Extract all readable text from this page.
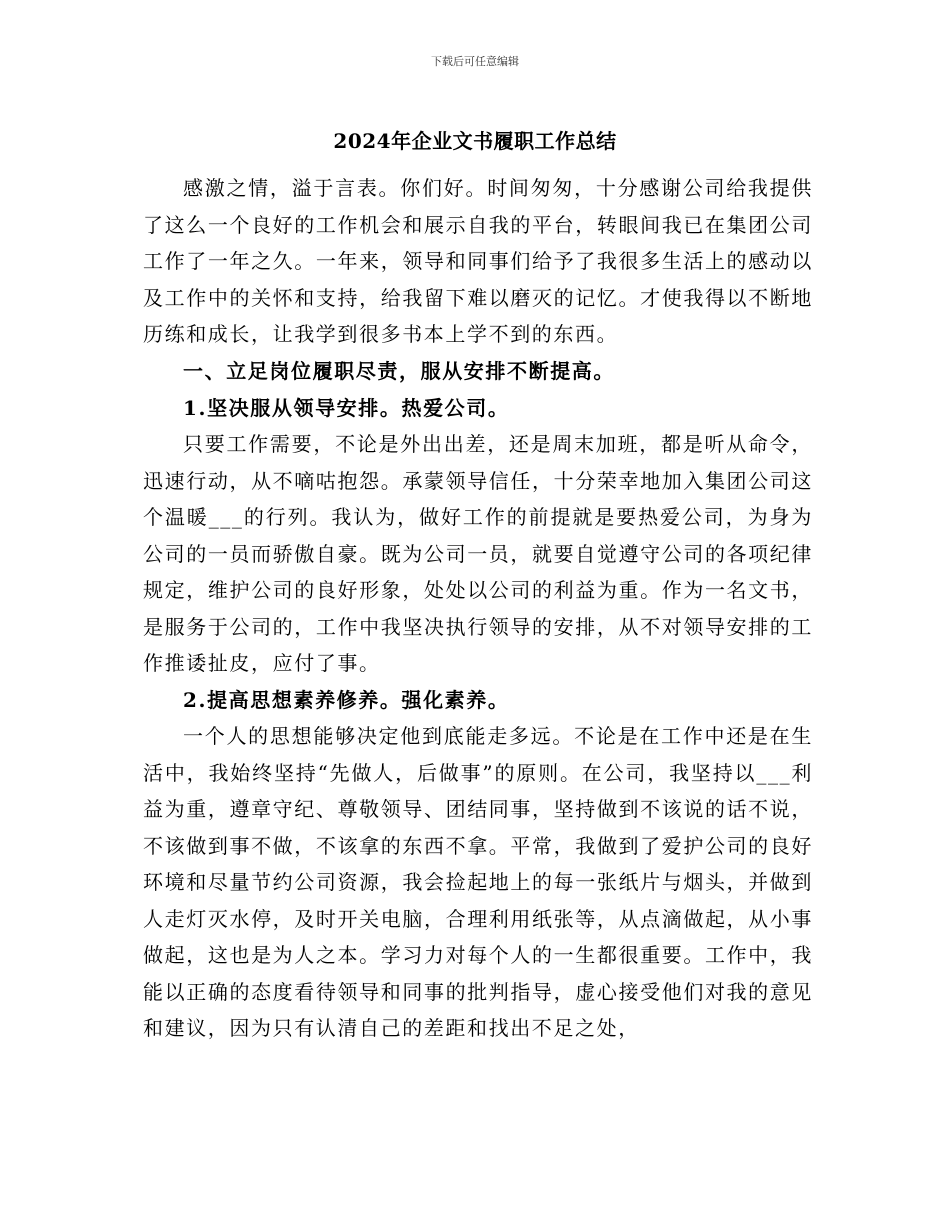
下载后可任意编辑
2024年企业文书履职工作总结

感激之情，溢于言表。你们好。时间匆匆，十分感谢公司给我提供了这么一个良好的工作机会和展示自我的平台，转眼间我已在集团公司工作了一年之久。一年来，领导和同事们给予了我很多生活上的感动以及工作中的关怀和支持，给我留下难以磨灭的记忆。才使我得以不断地历练和成长，让我学到很多书本上学不到的东西。

一、立足岗位履职尽责，服从安排不断提高。

1.坚决服从领导安排。热爱公司。

只要工作需要，不论是外出出差，还是周末加班，都是听从命令，迅速行动，从不嘀咕抱怨。承蒙领导信任，十分荣幸地加入集团公司这个温暖___的行列。我认为，做好工作的前提就是要热爱公司，为身为公司的一员而骄傲自豪。既为公司一员，就要自觉遵守公司的各项纪律规定，维护公司的良好形象，处处以公司的利益为重。作为一名文书，是服务于公司的，工作中我坚决执行领导的安排，从不对领导安排的工作推诿扯皮，应付了事。

2.提高思想素养修养。强化素养。

一个人的思想能够决定他到底能走多远。不论是在工作中还是在生活中，我始终坚持“先做人，后做事”的原则。在公司，我坚持以___利益为重，遵章守纪、尊敬领导、团结同事，坚持做到不该说的话不说，不该做到事不做，不该拿的东西不拿。平常，我做到了爱护公司的良好环境和尽量节约公司资源，我会捡起地上的每一张纸片与烟头，并做到人走灯灭水停，及时开关电脑，合理利用纸张等，从点滴做起，从小事做起，这也是为人之本。学习力对每个人的一生都很重要。工作中，我能以正确的态度看待领导和同事的批判指导，虚心接受他们对我的意见和建议，因为只有认清自己的差距和找出不足之处，
